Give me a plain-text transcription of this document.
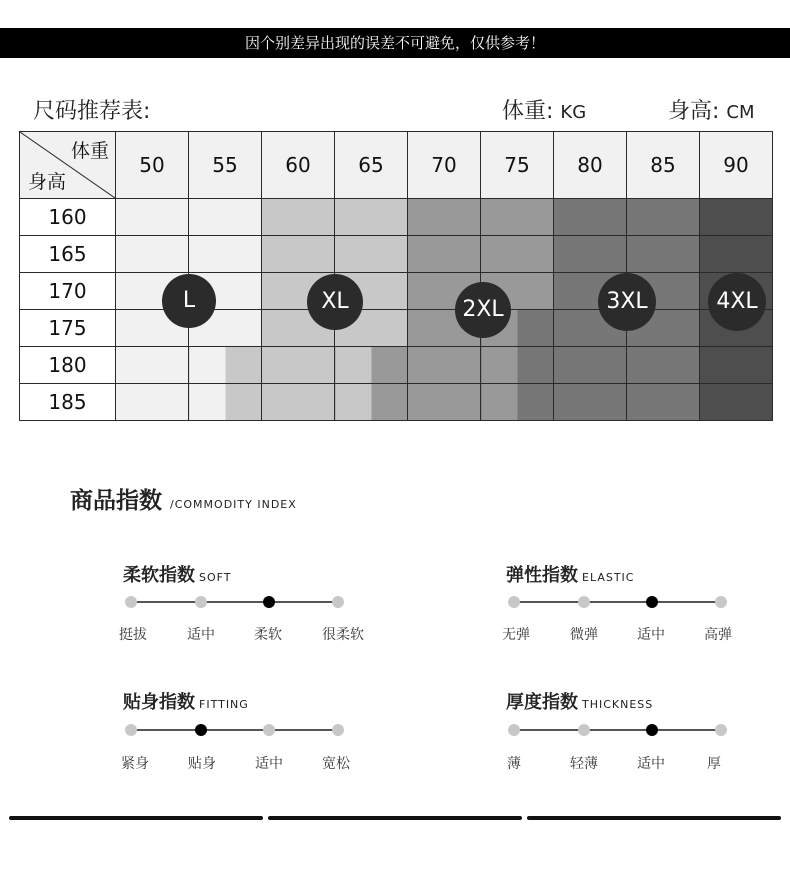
因个别差异出现的误差不可避免，仅供参考！
尺码推荐表:	体重: KG	身高: CM
体重
身高	50	55	60	65	70	75	80	85	90
160									
165									
170									
175									
180									
185									
L	XL	2XL	3XL	4XL
商品指数 /COMMODITY INDEX
柔软指数 SOFT
挺拔	适中	柔软	很柔软
弹性指数 ELASTIC
无弹	微弹	适中	高弹
贴身指数 FITTING
紧身	贴身	适中	宽松
厚度指数 THICKNESS
薄	轻薄	适中	厚
